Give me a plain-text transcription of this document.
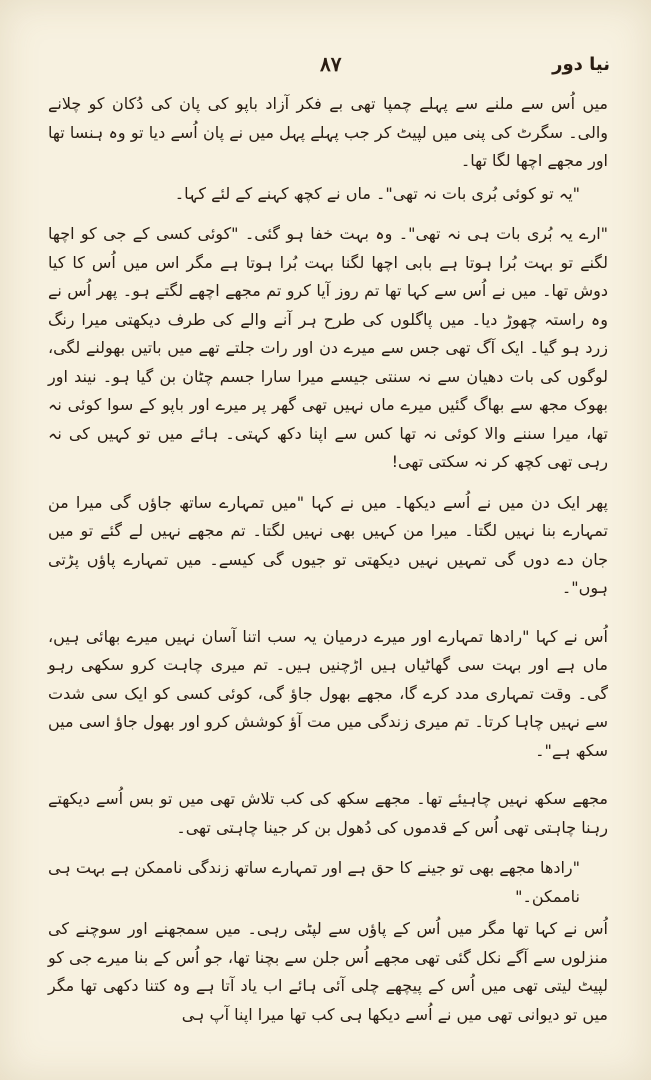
۸۷	نیا دور

میں اُس سے ملنے سے پہلے چمپا تھی بے فکر آزاد باپو کی پان کی دُکان کو چلانے والی۔ سگرٹ کی پنی میں لپیٹ کر جب پہلے پہل میں نے پان اُسے دیا تو وہ ہنسا تھا اور مجھے اچھا لگا تھا۔

"یہ تو کوئی بُری بات نہ تھی"۔ ماں نے کچھ کہنے کے لئے کہا۔

"ارے یہ بُری بات ہی نہ تھی"۔ وہ بہت خفا ہو گئی۔ "کوئی کسی کے جی کو اچھا لگنے تو بہت بُرا ہوتا ہے بابی اچھا لگنا بہت بُرا ہوتا ہے مگر اس میں اُس کا کیا دوش تھا۔ میں نے اُس سے کہا تھا تم روز آیا کرو تم مجھے اچھے لگتے ہو۔ پھر اُس نے وہ راستہ چھوڑ دیا۔ میں پاگلوں کی طرح ہر آنے والے کی طرف دیکھتی میرا رنگ زرد ہو گیا۔ ایک آگ تھی جس سے میرے دن اور رات جلتے تھے میں باتیں بھولنے لگی، لوگوں کی بات دھیان سے نہ سنتی جیسے میرا سارا جسم چٹان بن گیا ہو۔ نیند اور بھوک مجھ سے بھاگ گئیں میرے ماں نہیں تھی گھر پر میرے اور باپو کے سوا کوئی نہ تھا، میرا سننے والا کوئی نہ تھا کس سے اپنا دکھ کہتی۔ ہائے میں تو کہیں کی نہ رہی تھی کچھ کر نہ سکتی تھی!

پھر ایک دن میں نے اُسے دیکھا۔ میں نے کہا "میں تمہارے ساتھ جاؤں گی میرا من تمہارے بنا نہیں لگتا۔ میرا من کہیں بھی نہیں لگتا۔ تم مجھے نہیں لے گئے تو میں جان دے دوں گی تمہیں نہیں دیکھتی تو جیوں گی کیسے۔ میں تمہارے پاؤں پڑتی ہوں"۔

اُس نے کہا "رادھا تمہارے اور میرے درمیان یہ سب اتنا آسان نہیں میرے بھائی ہیں، ماں ہے اور بہت سی گھاٹیاں ہیں اڑچنیں ہیں۔ تم میری چاہت کرو سکھی رہو گی۔ وقت تمہاری مدد کرے گا، مجھے بھول جاؤ گی، کوئی کسی کو ایک سی شدت سے نہیں چاہا کرتا۔ تم میری زندگی میں مت آؤ کوشش کرو اور بھول جاؤ اسی میں سکھ ہے"۔

مجھے سکھ نہیں چاہیئے تھا۔ مجھے سکھ کی کب تلاش تھی میں تو بس اُسے دیکھتے رہنا چاہتی تھی اُس کے قدموں کی دُھول بن کر جینا چاہتی تھی۔

"رادھا مجھے بھی تو جینے کا حق ہے اور تمہارے ساتھ زندگی ناممکن ہے بہت ہی ناممکن۔"

اُس نے کہا تھا مگر میں اُس کے پاؤں سے لپٹی رہی۔ میں سمجھنے اور سوچنے کی منزلوں سے آگے نکل گئی تھی مجھے اُس جلن سے بچنا تھا، جو اُس کے بنا میرے جی کو لپیٹ لیتی تھی میں اُس کے پیچھے چلی آئی ہائے اب یاد آتا ہے وہ کتنا دکھی تھا مگر میں تو دیوانی تھی میں نے اُسے دیکھا ہی کب تھا میرا اپنا آپ ہی
